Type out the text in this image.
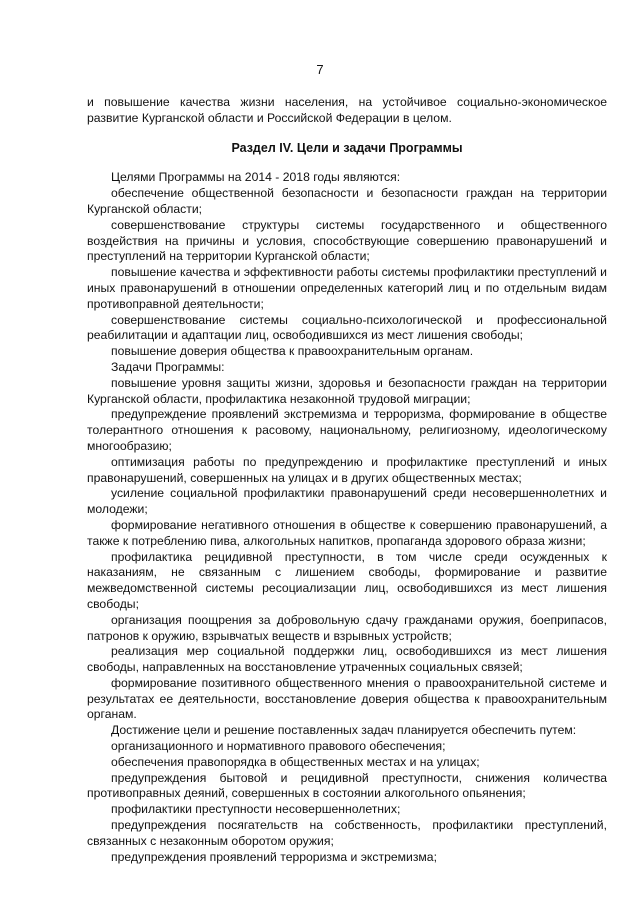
7

и повышение качества жизни населения, на устойчивое социально-экономическое развитие Курганской области и Российской Федерации в целом.

Раздел IV. Цели и задачи Программы

Целями Программы на 2014 - 2018 годы являются:

обеспечение общественной безопасности и безопасности граждан на территории Курганской области;

совершенствование структуры системы государственного и общественного воздействия на причины и условия, способствующие совершению правонарушений и преступлений на территории Курганской области;

повышение качества и эффективности работы системы профилактики преступлений и иных правонарушений в отношении определенных категорий лиц и по отдельным видам противоправной деятельности;

совершенствование системы социально-психологической и профессиональной реабилитации и адаптации лиц, освободившихся из мест лишения свободы;

повышение доверия общества к правоохранительным органам.

Задачи Программы:

повышение уровня защиты жизни, здоровья и безопасности граждан на территории Курганской области, профилактика незаконной трудовой миграции;

предупреждение проявлений экстремизма и терроризма, формирование в обществе толерантного отношения к расовому, национальному, религиозному, идеологическому многообразию;

оптимизация работы по предупреждению и профилактике преступлений и иных правонарушений, совершенных на улицах и в других общественных местах;

усиление социальной профилактики правонарушений среди несовершеннолетних и молодежи;

формирование негативного отношения в обществе к совершению правонарушений, а также к потреблению пива, алкогольных напитков, пропаганда здорового образа жизни;

профилактика рецидивной преступности, в том числе среди осужденных к наказаниям, не связанным с лишением свободы, формирование и развитие межведомственной системы ресоциализации лиц, освободившихся из мест лишения свободы;

организация поощрения за добровольную сдачу гражданами оружия, боеприпасов, патронов к оружию, взрывчатых веществ и взрывных устройств;

реализация мер социальной поддержки лиц, освободившихся из мест лишения свободы, направленных на восстановление утраченных социальных связей;

формирование позитивного общественного мнения о правоохранительной системе и результатах ее деятельности, восстановление доверия общества к правоохранительным органам.

Достижение цели и решение поставленных задач планируется обеспечить путем:

организационного и нормативного правового обеспечения;

обеспечения правопорядка в общественных местах и на улицах;

предупреждения бытовой и рецидивной преступности, снижения количества противоправных деяний, совершенных в состоянии алкогольного опьянения;

профилактики преступности несовершеннолетних;

предупреждения посягательств на собственность, профилактики преступлений, связанных с незаконным оборотом оружия;

предупреждения проявлений терроризма и экстремизма;
